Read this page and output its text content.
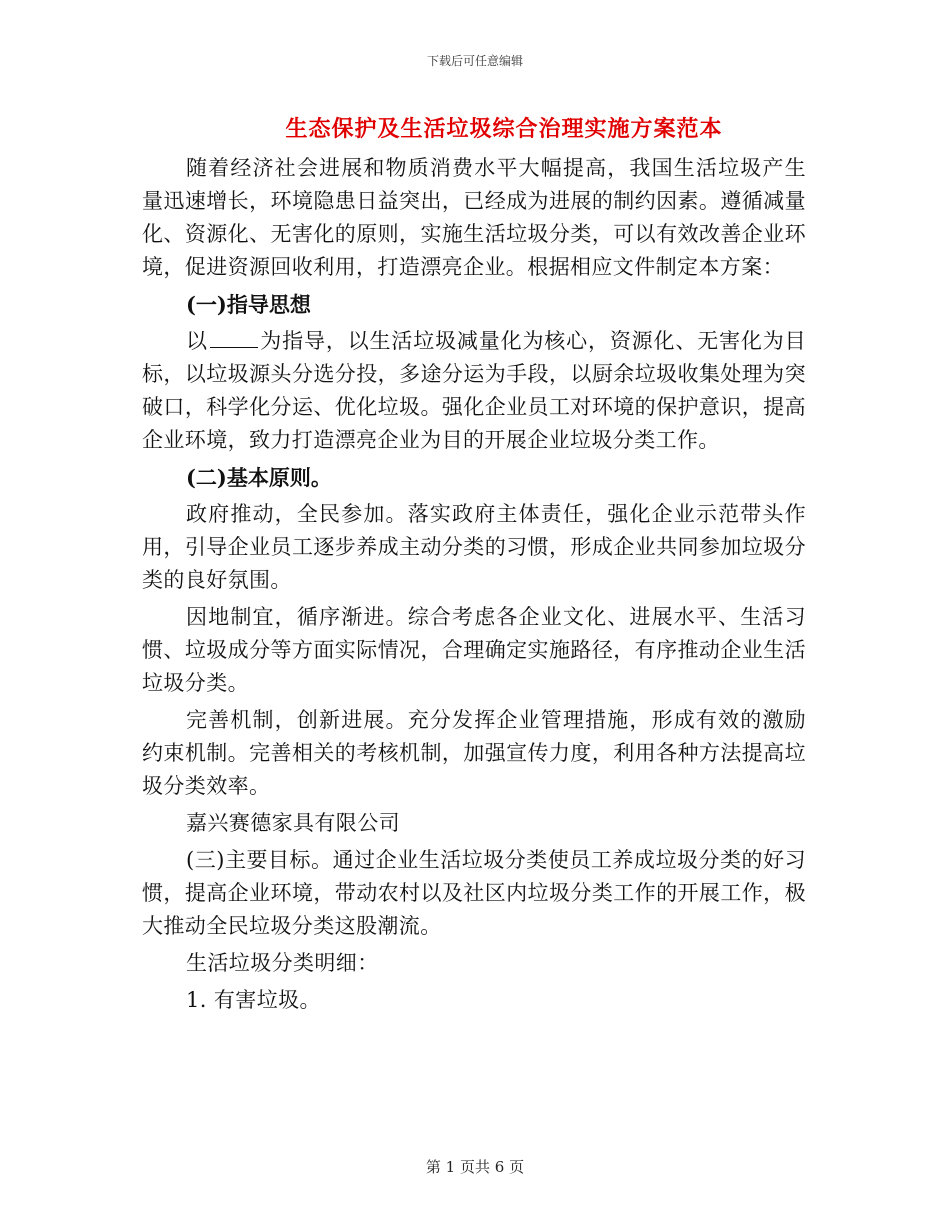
下载后可任意编辑
生态保护及生活垃圾综合治理实施方案范本

随着经济社会进展和物质消费水平大幅提高，我国生活垃圾产生量迅速增长，环境隐患日益突出，已经成为进展的制约因素。遵循减量化、资源化、无害化的原则，实施生活垃圾分类，可以有效改善企业环境，促进资源回收利用，打造漂亮企业。根据相应文件制定本方案：

(一)指导思想

以 为指导，以生活垃圾减量化为核心，资源化、无害化为目标，以垃圾源头分选分投，多途分运为手段，以厨余垃圾收集处理为突破口，科学化分运、优化垃圾。强化企业员工对环境的保护意识，提高企业环境，致力打造漂亮企业为目的开展企业垃圾分类工作。

(二)基本原则。

政府推动，全民参加。落实政府主体责任，强化企业示范带头作用，引导企业员工逐步养成主动分类的习惯，形成企业共同参加垃圾分类的良好氛围。

因地制宜，循序渐进。综合考虑各企业文化、进展水平、生活习惯、垃圾成分等方面实际情况，合理确定实施路径，有序推动企业生活垃圾分类。

完善机制，创新进展。充分发挥企业管理措施，形成有效的激励约束机制。完善相关的考核机制，加强宣传力度，利用各种方法提高垃圾分类效率。

嘉兴赛德家具有限公司

(三)主要目标。通过企业生活垃圾分类使员工养成垃圾分类的好习惯，提高企业环境，带动农村以及社区内垃圾分类工作的开展工作，极大推动全民垃圾分类这股潮流。

生活垃圾分类明细：

1. 有害垃圾。

第 1 页共 6 页
